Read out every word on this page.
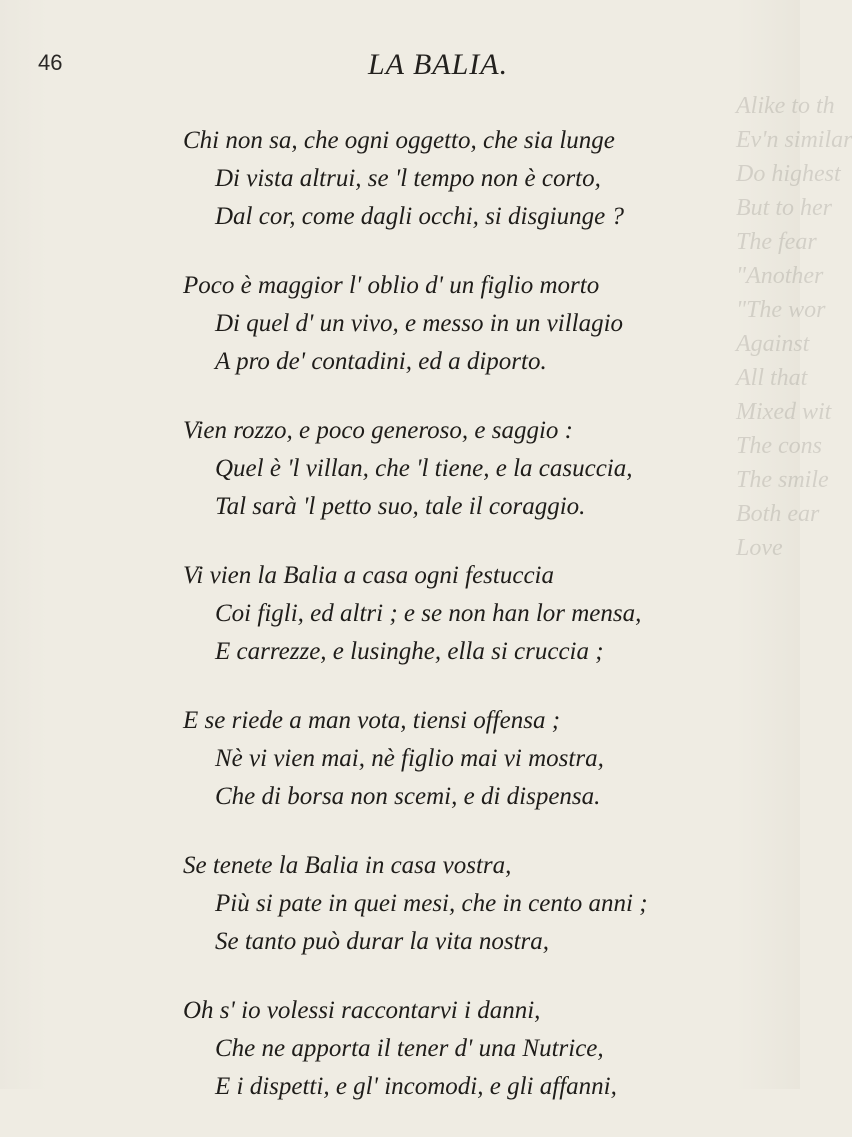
Alike to th
Ev'n similar
Do highest
But to her
The fear
"Another
"The wor
Against
All that
Mixed wit
The cons
The smile
Both ear
Love
46	LA BALIA.
Chi non sa, che ogni oggetto, che sia lunge
Di vista altrui, se 'l tempo non è corto,
Dal cor, come dagli occhi, si disgiunge ?
Poco è maggior l' oblio d' un figlio morto
Di quel d' un vivo, e messo in un villagio
A pro de' contadini, ed a diporto.
Vien rozzo, e poco generoso, e saggio :
Quel è 'l villan, che 'l tiene, e la casuccia,
Tal sarà 'l petto suo, tale il coraggio.
Vi vien la Balia a casa ogni festuccia
Coi figli, ed altri ; e se non han lor mensa,
E carrezze, e lusinghe, ella si cruccia ;
E se riede a man vota, tiensi offensa ;
Nè vi vien mai, nè figlio mai vi mostra,
Che di borsa non scemi, e di dispensa.
Se tenete la Balia in casa vostra,
Più si pate in quei mesi, che in cento anni ;
Se tanto può durar la vita nostra,
Oh s' io volessi raccontarvi i danni,
Che ne apporta il tener d' una Nutrice,
E i dispetti, e gl' incomodi, e gli affanni,
